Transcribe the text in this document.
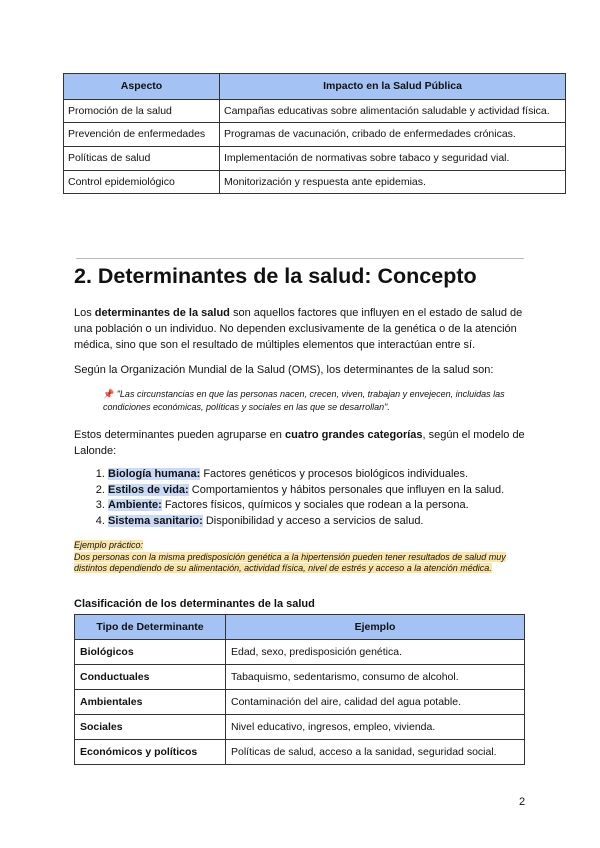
Aspecto	Impacto en la Salud Pública
Promoción de la salud	Campañas educativas sobre alimentación saludable y actividad física.
Prevención de enfermedades	Programas de vacunación, cribado de enfermedades crónicas.
Políticas de salud	Implementación de normativas sobre tabaco y seguridad vial.
Control epidemiológico	Monitorización y respuesta ante epidemias.
2. Determinantes de la salud: Concepto

Los determinantes de la salud son aquellos factores que influyen en el estado de salud de una población o un individuo. No dependen exclusivamente de la genética o de la atención médica, sino que son el resultado de múltiples elementos que interactúan entre sí.

Según la Organización Mundial de la Salud (OMS), los determinantes de la salud son:

📌 "Las circunstancias en que las personas nacen, crecen, viven, trabajan y envejecen, incluidas las condiciones económicas, políticas y sociales en las que se desarrollan".

Estos determinantes pueden agruparse en cuatro grandes categorías, según el modelo de Lalonde:

1. Biología humana: Factores genéticos y procesos biológicos individuales.
2. Estilos de vida: Comportamientos y hábitos personales que influyen en la salud.
3. Ambiente: Factores físicos, químicos y sociales que rodean a la persona.
4. Sistema sanitario: Disponibilidad y acceso a servicios de salud.

Ejemplo práctico:
Dos personas con la misma predisposición genética a la hipertensión pueden tener resultados de salud muy distintos dependiendo de su alimentación, actividad física, nivel de estrés y acceso a la atención médica.

Clasificación de los determinantes de la salud

Tipo de Determinante	Ejemplo
Biológicos	Edad, sexo, predisposición genética.
Conductuales	Tabaquismo, sedentarismo, consumo de alcohol.
Ambientales	Contaminación del aire, calidad del agua potable.
Sociales	Nivel educativo, ingresos, empleo, vivienda.
Económicos y políticos	Políticas de salud, acceso a la sanidad, seguridad social.

2
